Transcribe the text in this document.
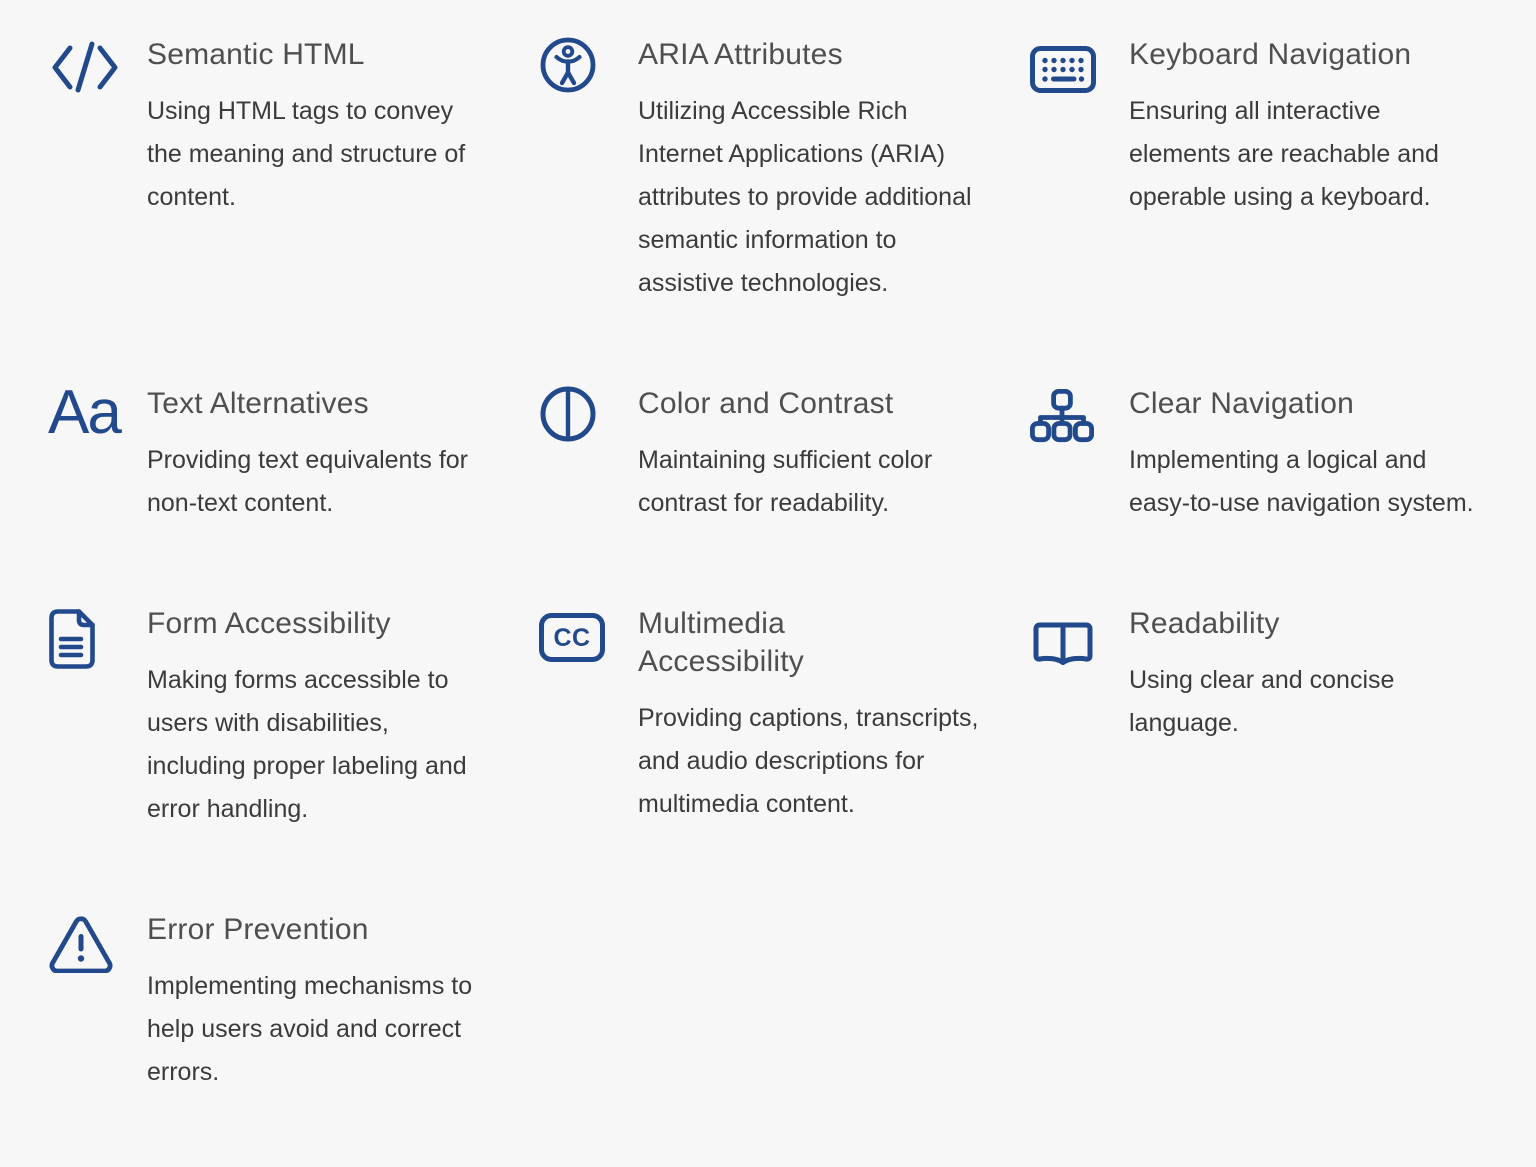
Semantic HTML

Using HTML tags to convey the meaning and structure of content.

ARIA Attributes

Utilizing Accessible Rich Internet Applications (ARIA) attributes to provide additional semantic information to assistive technologies.

Keyboard Navigation

Ensuring all interactive elements are reachable and operable using a keyboard.

Aa Text Alternatives

Providing text equivalents for non-text content.

Color and Contrast

Maintaining sufficient color contrast for readability.

Clear Navigation

Implementing a logical and easy-to-use navigation system.

Form Accessibility

Making forms accessible to users with disabilities, including proper labeling and error handling.

CC Multimedia Accessibility

Providing captions, transcripts, and audio descriptions for multimedia content.

Readability

Using clear and concise language.

Error Prevention

Implementing mechanisms to help users avoid and correct errors.
